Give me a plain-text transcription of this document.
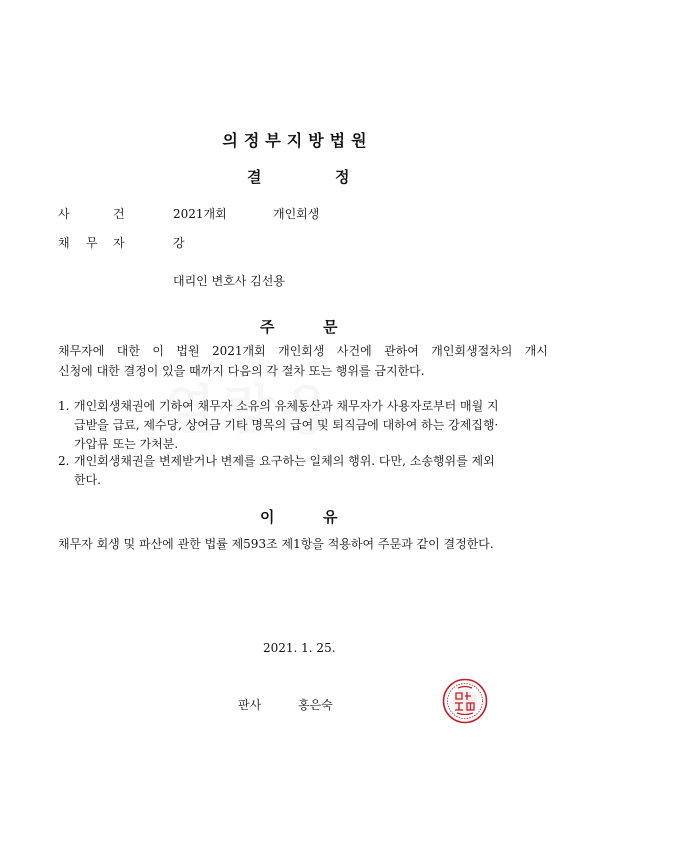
의정부지방법원
결	정
사	건	2021개회	개인회생
채 무 자	강
대리인 변호사 김선용
주	문
채무자에 대한 이 법원 2021개회 개인회생 사건에 관하여 개인회생절차의 개시
신청에 대한 결정이 있을 때까지 다음의 각 절차 또는 행위를 금지한다.
1. 개인회생채권에 기하여 채무자 소유의 유체동산과 채무자가 사용자로부터 매월 지
급받을 급료, 제수당, 상여금 기타 명목의 급여 및 퇴직금에 대하여 하는 강제집행·
가압류 또는 가처분.
2. 개인회생채권을 변제받거나 변제를 요구하는 일체의 행위. 다만, 소송행위를 제외
한다.
이	유
채무자 회생 및 파산에 관한 법률 제593조 제1항을 적용하여 주문과 같이 결정한다.
2021. 1. 25.
판사	홍은숙
